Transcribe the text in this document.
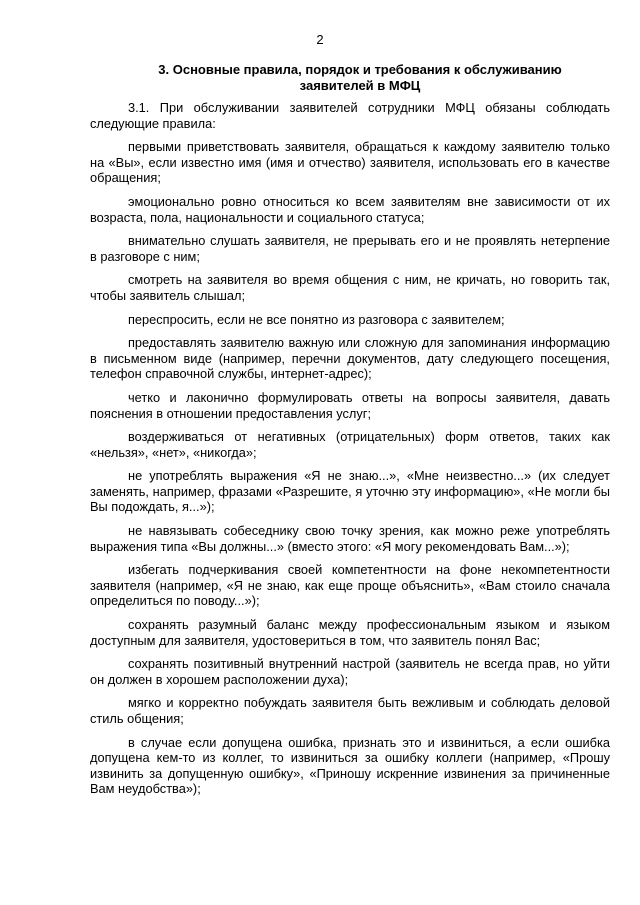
2
3. Основные правила, порядок и требования к обслуживанию заявителей в МФЦ

3.1. При обслуживании заявителей сотрудники МФЦ обязаны соблюдать следующие правила:

первыми приветствовать заявителя, обращаться к каждому заявителю только на «Вы», если известно имя (имя и отчество) заявителя, использовать его в качестве обращения;

эмоционально ровно относиться ко всем заявителям вне зависимости от их возраста, пола, национальности и социального статуса;

внимательно слушать заявителя, не прерывать его и не проявлять нетерпение в разговоре с ним;

смотреть на заявителя во время общения с ним, не кричать, но говорить так, чтобы заявитель слышал;

переспросить, если не все понятно из разговора с заявителем;

предоставлять заявителю важную или сложную для запоминания информацию в письменном виде (например, перечни документов, дату следующего посещения, телефон справочной службы, интернет-адрес);

четко и лаконично формулировать ответы на вопросы заявителя, давать пояснения в отношении предоставления услуг;

воздерживаться от негативных (отрицательных) форм ответов, таких как «нельзя», «нет», «никогда»;

не употреблять выражения «Я не знаю...», «Мне неизвестно...» (их следует заменять, например, фразами «Разрешите, я уточню эту информацию», «Не могли бы Вы подождать, я...»);

не навязывать собеседнику свою точку зрения, как можно реже употреблять выражения типа «Вы должны...» (вместо этого: «Я могу рекомендовать Вам...»);

избегать подчеркивания своей компетентности на фоне некомпетентности заявителя (например, «Я не знаю, как еще проще объяснить», «Вам стоило сначала определиться по поводу...»);

сохранять разумный баланс между профессиональным языком и языком доступным для заявителя, удостовериться в том, что заявитель понял Вас;

сохранять позитивный внутренний настрой (заявитель не всегда прав, но уйти он должен в хорошем расположении духа);

мягко и корректно побуждать заявителя быть вежливым и соблюдать деловой стиль общения;

в случае если допущена ошибка, признать это и извиниться, а если ошибка допущена кем-то из коллег, то извиниться за ошибку коллеги (например, «Прошу извинить за допущенную ошибку», «Приношу искренние извинения за причиненные Вам неудобства»);
